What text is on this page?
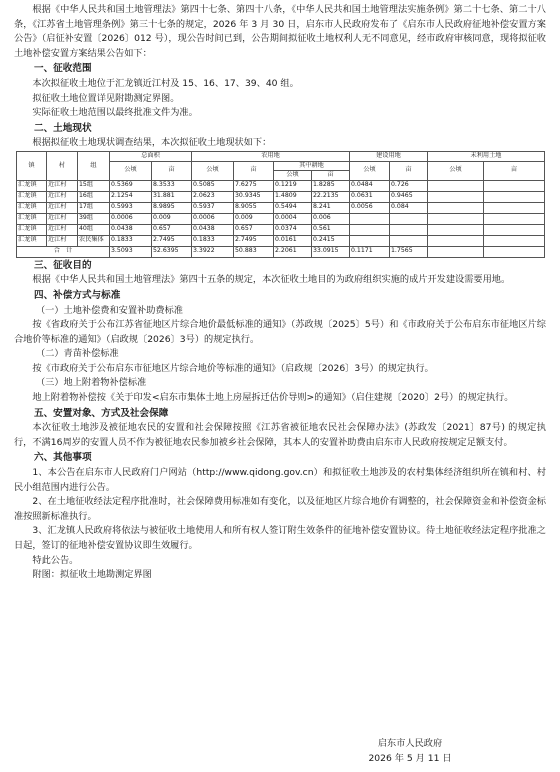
根据《中华人民共和国土地管理法》第四十七条、第四十八条，《中华人民共和国土地管理法实施条例》第二十七条、第二十八条，《江苏省土地管理条例》第三十七条的规定，2026 年 3 月 30 日，启东市人民政府发布了《启东市人民政府征地补偿安置方案公告》（启征补安置〔2026〕012 号），现公告时间已到，公告期间拟征收土地权利人无不同意见，经市政府审核同意，现将拟征收土地补偿安置方案结果公告如下：

一、征收范围

本次拟征收土地位于汇龙镇近江村及 15、16、17、39、40 组。

拟征收土地位置详见附勘测定界图。

实际征收土地范围以最终批准文件为准。

二、土地现状

根据拟征收土地现状调查结果，本次拟征收土地现状如下：

镇	村	组	总面积		农用地				建设用地		未利用土地	
			公顷	亩	公顷	亩	其中耕地		公顷	亩	公顷	亩
							公顷	亩				
汇龙镇	近江村	15组	0.5369	8.3533	0.5085	7.6275	0.1219	1.8285	0.0484	0.726		
汇龙镇	近江村	16组	2.1254	31.881	2.0623	30.9345	1.4809	22.2135	0.0631	0.9465		
汇龙镇	近江村	17组	0.5993	8.9895	0.5937	8.9055	0.5494	8.241	0.0056	0.084		
汇龙镇	近江村	39组	0.0006	0.009	0.0006	0.009	0.0004	0.006				
汇龙镇	近江村	40组	0.0438	0.657	0.0438	0.657	0.0374	0.561				
汇龙镇	近江村	农民集体	0.1833	2.7495	0.1833	2.7495	0.0161	0.2415				
合　计			3.5093	52.6395	3.3922	50.883	2.2061	33.0915	0.1171	1.7565		

三、征收目的

根据《中华人民共和国土地管理法》第四十五条的规定，本次征收土地目的为政府组织实施的成片开发建设需要用地。

四、补偿方式与标准

（一）土地补偿费和安置补助费标准

按《省政府关于公布江苏省征地区片综合地价最低标准的通知》（苏政规〔2025〕5号）和《市政府关于公布启东市征地区片综合地价等标准的通知》（启政规〔2026〕3号）的规定执行。

（二）青苗补偿标准

按《市政府关于公布启东市征地区片综合地价等标准的通知》（启政规〔2026〕3号）的规定执行。

（三）地上附着物补偿标准

地上附着物补偿按《关于印发<启东市集体土地上房屋拆迁估价导则>的通知》（启住建规〔2020〕2号）的规定执行。

五、安置对象、方式及社会保障

本次征收土地涉及被征地农民的安置和社会保障按照《江苏省被征地农民社会保障办法》(苏政发〔2021〕87号) 的规定执行，不满16周岁的安置人员不作为被征地农民参加被乡社会保障，其本人的安置补助费由启东市人民政府按规定足额支付。

六、其他事项

1、本公告在启东市人民政府门户网站（http://www.qidong.gov.cn）和拟征收土地涉及的农村集体经济组织所在镇和村、村民小组范围内进行公告。

2、在土地征收经法定程序批准时，社会保障费用标准如有变化，以及征地区片综合地价有调整的，社会保障资金和补偿资金标准按照新标准执行。

3、汇龙镇人民政府将依法与被征收土地使用人和所有权人签订附生效条件的征地补偿安置协议。待土地征收经法定程序批准之日起，签订的征地补偿安置协议即生效履行。

特此公告。

附图：拟征收土地勘测定界图

启东市人民政府
2026 年 5 月 11 日
